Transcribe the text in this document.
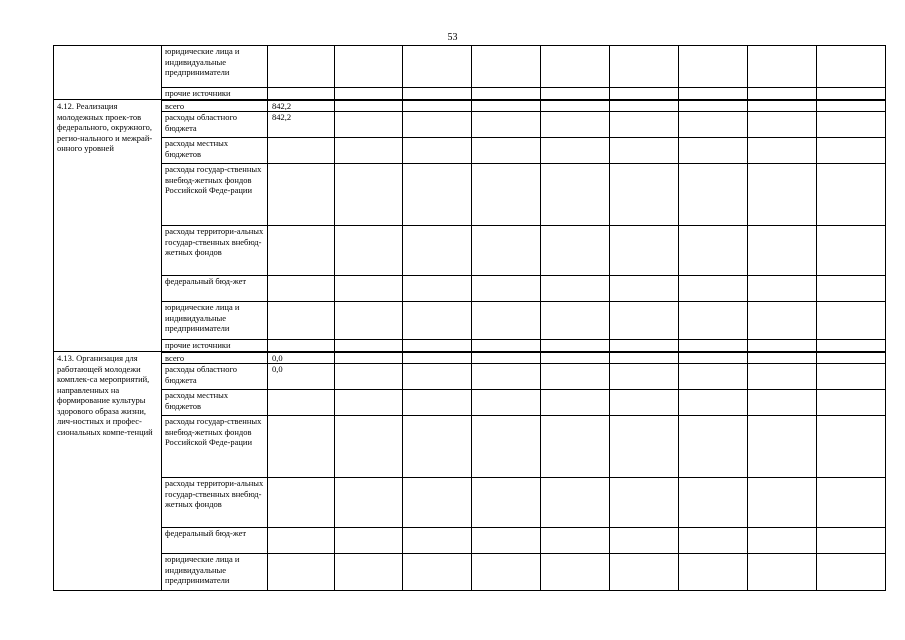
53
	юридические лица и индивидуальные предприниматели									
	прочие источники									
4.12. Реализация молодежных проек-тов федерального, окружного, регио-нального и межрай-онного уровней	всего	842,2								
	расходы областного бюджета	842,2								
	расходы местных бюджетов									
	расходы государ-ственных внебюд-жетных фондов Российской Феде-рации									
	расходы территори-альных государ-ственных внебюд-жетных фондов									
	федеральный бюд-жет									
	юридические лица и индивидуальные предприниматели									
	прочие источники									
4.13. Организация для работающей молодежи комплек-са мероприятий, направленных на формирование культуры здорового образа жизни, лич-ностных и профес-сиональных компе-тенций	всего	0,0								
	расходы областного бюджета	0,0								
	расходы местных бюджетов									
	расходы государ-ственных внебюд-жетных фондов Российской Феде-рации									
	расходы территори-альных государ-ственных внебюд-жетных фондов									
	федеральный бюд-жет									
	юридические лица и индивидуальные предприниматели									
